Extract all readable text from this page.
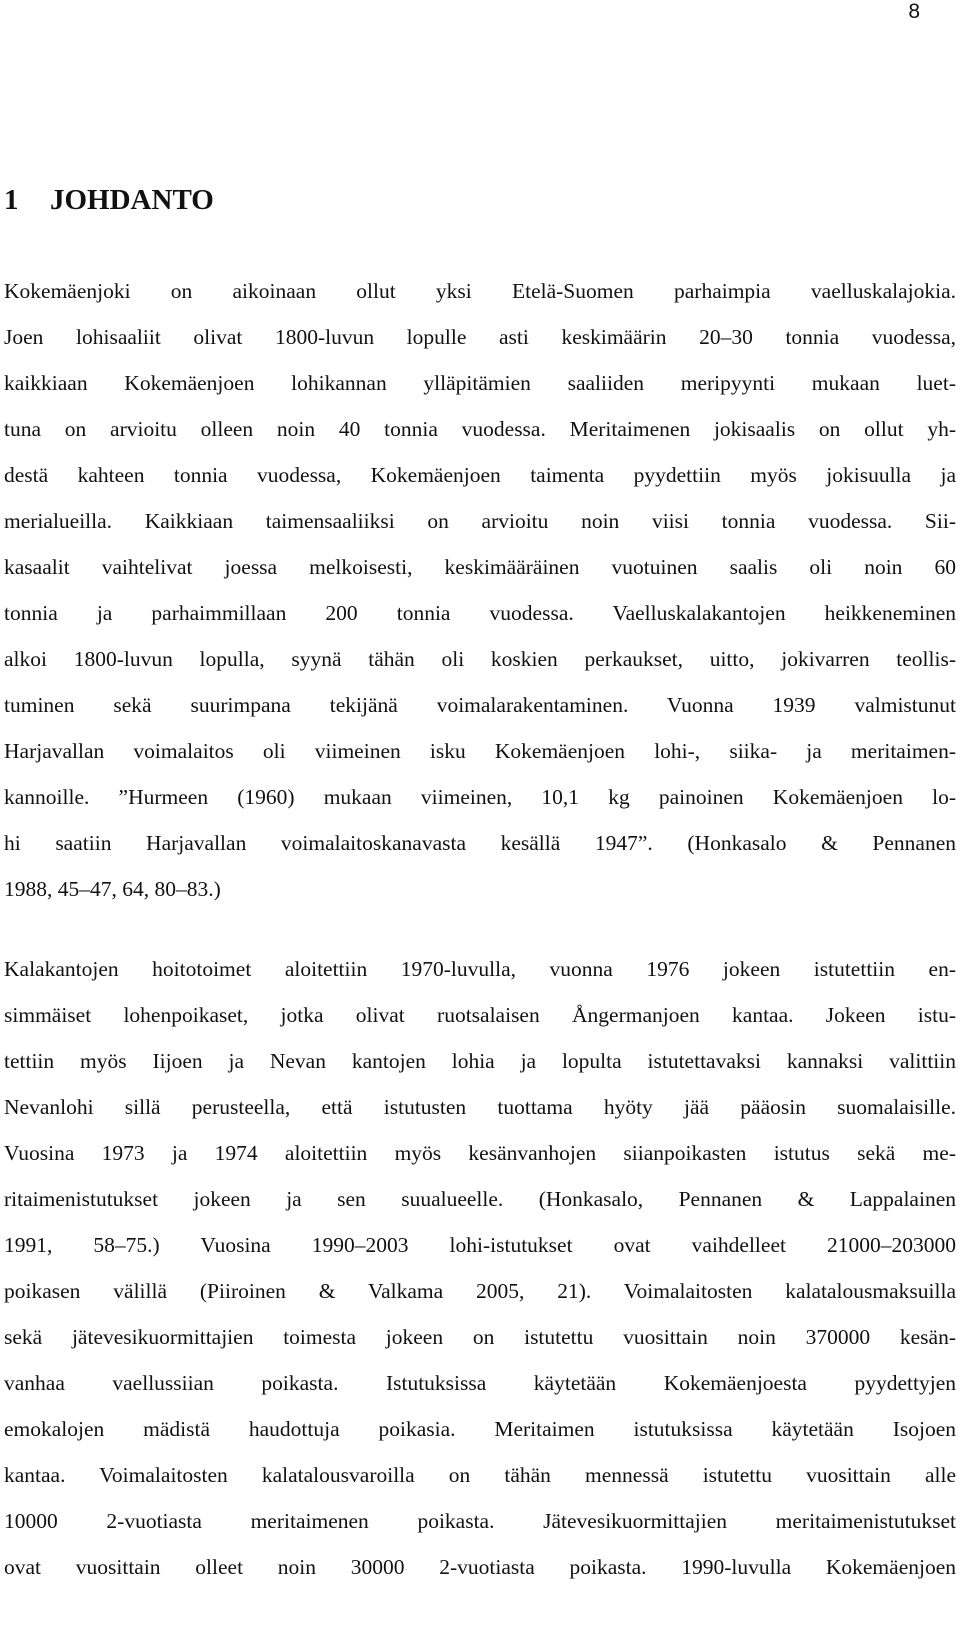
8
1 JOHDANTO
Kokemäenjoki on aikoinaan ollut yksi Etelä-Suomen parhaimpia vaelluskalajokia.
Joen lohisaaliit olivat 1800-luvun lopulle asti keskimäärin 20–30 tonnia vuodessa,
kaikkiaan Kokemäenjoen lohikannan ylläpitämien saaliiden meripyynti mukaan luet-
tuna on arvioitu olleen noin 40 tonnia vuodessa. Meritaimenen jokisaalis on ollut yh-
destä kahteen tonnia vuodessa, Kokemäenjoen taimenta pyydettiin myös jokisuulla ja
merialueilla. Kaikkiaan taimensaaliiksi on arvioitu noin viisi tonnia vuodessa. Sii-
kasaalit vaihtelivat joessa melkoisesti, keskimääräinen vuotuinen saalis oli noin 60
tonnia ja parhaimmillaan 200 tonnia vuodessa. Vaelluskalakantojen heikkeneminen
alkoi 1800-luvun lopulla, syynä tähän oli koskien perkaukset, uitto, jokivarren teollis-
tuminen sekä suurimpana tekijänä voimalarakentaminen. Vuonna 1939 valmistunut
Harjavallan voimalaitos oli viimeinen isku Kokemäenjoen lohi-, siika- ja meritaimen-
kannoille. ”Hurmeen (1960) mukaan viimeinen, 10,1 kg painoinen Kokemäenjoen lo-
hi saatiin Harjavallan voimalaitoskanavasta kesällä 1947”. (Honkasalo & Pennanen
1988, 45–47, 64, 80–83.)
Kalakantojen hoitotoimet aloitettiin 1970-luvulla, vuonna 1976 jokeen istutettiin en-
simmäiset lohenpoikaset, jotka olivat ruotsalaisen Ångermanjoen kantaa. Jokeen istu-
tettiin myös Iijoen ja Nevan kantojen lohia ja lopulta istutettavaksi kannaksi valittiin
Nevanlohi sillä perusteella, että istutusten tuottama hyöty jää pääosin suomalaisille.
Vuosina 1973 ja 1974 aloitettiin myös kesänvanhojen siianpoikasten istutus sekä me-
ritaimenistutukset jokeen ja sen suualueelle. (Honkasalo, Pennanen & Lappalainen
1991, 58–75.) Vuosina 1990–2003 lohi-istutukset ovat vaihdelleet 21000–203000
poikasen välillä (Piiroinen & Valkama 2005, 21). Voimalaitosten kalatalousmaksuilla
sekä jätevesikuormittajien toimesta jokeen on istutettu vuosittain noin 370000 kesän-
vanhaa vaellussiian poikasta. Istutuksissa käytetään Kokemäenjoesta pyydettyjen
emokalojen mädistä haudottuja poikasia. Meritaimen istutuksissa käytetään Isojoen
kantaa. Voimalaitosten kalatalousvaroilla on tähän mennessä istutettu vuosittain alle
10000 2-vuotiasta meritaimenen poikasta. Jätevesikuormittajien meritaimenistutukset
ovat vuosittain olleet noin 30000 2-vuotiasta poikasta. 1990-luvulla Kokemäenjoen
